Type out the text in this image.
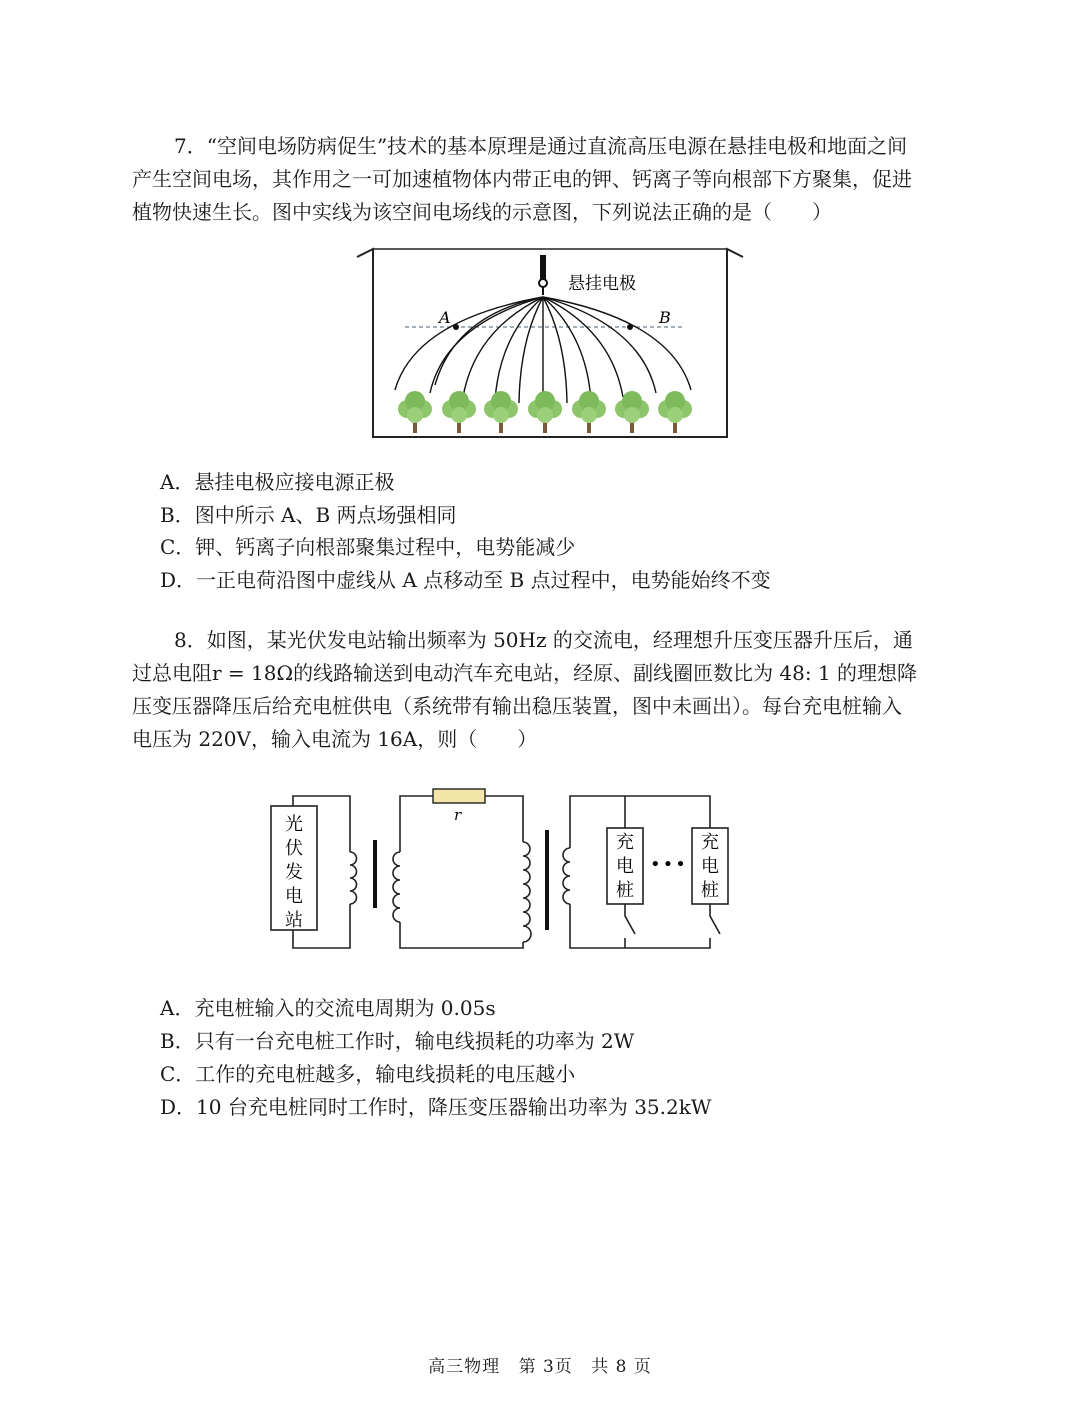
7．“空间电场防病促生”技术的基本原理是通过直流高压电源在悬挂电极和地面之间
产生空间电场，其作用之一可加速植物体内带正电的钾、钙离子等向根部下方聚集，促进
植物快速生长。图中实线为该空间电场线的示意图，下列说法正确的是（　　）

悬挂电极
A	B

A．悬挂电极应接电源正极

B．图中所示 A、B 两点场强相同

C．钾、钙离子向根部聚集过程中，电势能减少

D．一正电荷沿图中虚线从 A 点移动至 B 点过程中，电势能始终不变

8．如图，某光伏发电站输出频率为 50Hz 的交流电，经理想升压变压器升压后，通
过总电阻r = 18Ω的线路输送到电动汽车充电站，经原、副线圈匝数比为 48: 1 的理想降
压变压器降压后给充电桩供电（系统带有输出稳压装置，图中未画出）。每台充电桩输入
电压为 220V，输入电流为 16A，则（　　）

r
光
伏
发
电
站
充
电
桩
充
电
桩
•••

A．充电桩输入的交流电周期为 0.05s

B．只有一台充电桩工作时，输电线损耗的功率为 2W

C．工作的充电桩越多，输电线损耗的电压越小

D．10 台充电桩同时工作时，降压变压器输出功率为 35.2kW

高三物理 第 3页 共 8 页
